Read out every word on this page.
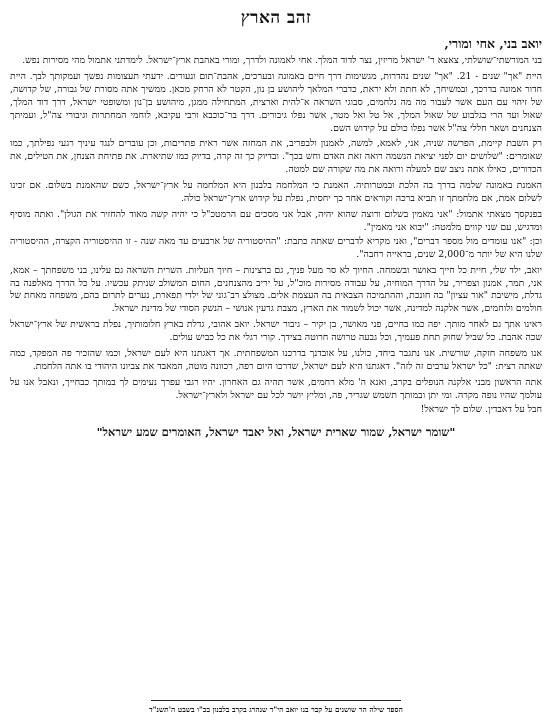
זהב הארץ
יואב בני, אחי ומורי,

בני המורשתי־שושלתי, צאצא ר' ישראל מריזין, נצר לדוד המלך. אחי לאמונה ולדרך, ומורי באהבת ארץ־ישראל. לימדתני אתמול מהי מסירות נפש.

היית "אך" שנים - 21. "אך" שנים נהדרות, מגשימות דרך חיים באמונה ובערכים, אהבת־תום ונעורים. ידעתי תעצומות נפשך ועמקותך לבך. היית חדור אמונה בדרכך, ובמשיחך, לא חתת ולא יראת, כדברי המלאך ליהושע בן נון, הקטר לא הרחק מכאן. ממשיך אתה מסורת של גבורה, של קדושה, של זיהוי עם העם אשר לעבור מה מה נלחמים, סבוגי השראה א־להית וארצית, המתחילה ממגן, מיהושע בן־נון ומשופטי ישראל, דרך דוד המלך, שאול ועד הרי בגלבוע של שאול המלך, אל טל ואל מטר, אשר נפלו גיבורים. דרך בר־כוכבא ורבי עקיבא, לוחמי המחתרות וגיבורי צה"ל, ועמיתך הצנחנים ושאר חללי צה"ל אשר נפלו כולם על קידוש השם.

רק השבת קיימת, הפרשה שניה, אני, לאמא, למשה, לאמנון ולבפריב, את המחזה אשר ראית פתריםות, וכן עוברים לנגד עיניך רגעי נפילתך, כמו שאומרים: "שלושים יום לפני יציאת הנשמה רואה זאת האדם וחש בכך". ובדיוק כך זה קרה, בדיוק כמו שתיארת. את פתיחת הצנחן, את הטילים, את הכדורים, כאילו אתה ניצב שם למעלה ורואה את מה שקורה שם למטה.

האמנת באמונה שלמה בדרך בה הלכת ובמטרותיה. האמנת כי המלחמה בלבנון היא המלחמה על ארץ־ישראל, כשם שהאמנת בשלום. אם זכינו לשלום אמת, אם מלחמתך זו תביא ברכה וקוראים אחר כך יחסית, נפלת על קידוש ארץ־ישראל כולה.

בפנקסך מצאתי אתמול: "אני מאמין בשלום ורוצה שהוא יהיה, אבל אני מסכים עם הרמטכ"ל כי יהיה קשה מאוד להחזיר את הגולן". ואתה מוסיף ומדגיש, עם שני קווים מלמטה: "יבוא אני מאמין".

וכן: "אנו עומדים מול מספר דברים", ואני מקריא לדברים שאתה כתבת: "ההיסטוריה של ארבעים עד מאה שנה - זו ההיסטוריה הקצרה, ההיסטוריה שלנו היא של יותר מ־2,000 שנים, בראייה רחבה".

יואב, ילד שלי, חיית כל חייך באושר ובשמחה. החיוך לא סר מעל פניך, גם ברצינות – חיוך העליות. השרית השראה גם עלינו, בני משפחתך – אמא, אני, תמר, אמנון וצפריר, על הדרך המוחיה, על עבודה מסירות מוכ"ל, על יריב מהצנחנים, החום המשולב שניתק עכשיו. על כל הדרך מאלפנה בה גדלת, מישיבת "אור עציון" בה חונכת, וההתמיכה הצבאית בה העצמת אלים. מצולצ רב־גוני של ילדי תפארת, נערים לתרום בהם, משפחה מאחת של חולמים ולוחמים, אשר אלקנה למדינה, אשר יכול לשמור את הארץ, מצבת גרעין אנושי – הנשק הסודי של מדינת ישראל.

ראינו אתך גם לאחר מותך. יפה כמו בחיים, פני מאושר, בן יקיר – גיבור ישראל. יואב אהובי, גדלת בארץ חלומותיך, נפלת בראשית של ארץ־ישראל שכה אהבת. כל שביל שחוק תחת פעמיך, וכל גבעה טרושה חרוטה בצידך. קורי רגלי את כל כביש עולים.

אנו משפחה חזקה, שורשית. אנו נתגבר ביחד, כולנו, על אובדנך בדרכנו המשפחתית. אך דאגתנו היא לעם ישראל, וכמו שהזכיר פה המפקד, כמה שאתה רצית: "כל ישראל ערבים זה לזה". דאגתנו היא לעם ישראל, שדרכו היום רפה, רכוונה מוטה, המאבד את צביונו היהודי בו אתה הלחמת.

אתה הראשון מבני אלקנה הנופלים בקרב, ואנא ה' מלא רחמים, אשר תהיה גם האחרון. יהיו רגבי עפרך נעימים לך במותך כבחייך, ונאבל אנו על עולמך שהיו נופה מקרה. ומי יתן ובמותך תשמש שגריר, פה, ומליץ יושר לכל עם ישראל ולארץ־ישראל.

חבל על דאבדין. שלום לך ישראל!

"שומר ישראל, שמור שארית ישראל, ואל יאבד ישראל, האומרים שמע ישראל"
הספד שילה הר שושנים על קבר בנו יואב הי"ד שנהרג בקרב בלבנון בכ"ו בשבט ה'תשנ"ד
